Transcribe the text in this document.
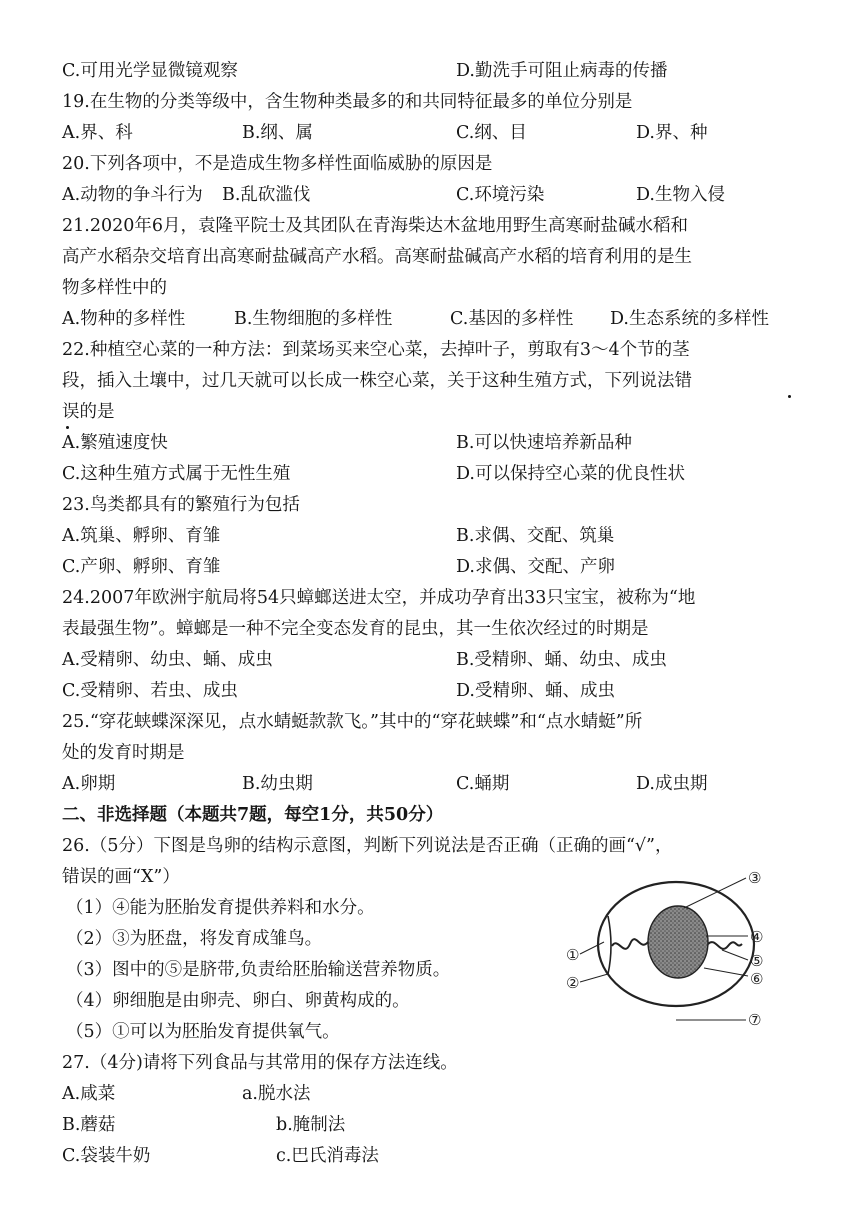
C.可用光学显微镜观察	D.勤洗手可阻止病毒的传播
19.在生物的分类等级中，含生物种类最多的和共同特征最多的单位分别是
A.界、科	B.纲、属	C.纲、目	D.界、种
20.下列各项中，不是造成生物多样性面临威胁的原因是
A.动物的争斗行为 B.乱砍滥伐	C.环境污染	D.生物入侵
21.2020年6月，袁隆平院士及其团队在青海柴达木盆地用野生高寒耐盐碱水稻和
高产水稻杂交培育出高寒耐盐碱高产水稻。高寒耐盐碱高产水稻的培育利用的是生
物多样性中的
A.物种的多样性	B.生物细胞的多样性	C.基因的多样性 D.生态系统的多样性
22.种植空心菜的一种方法：到菜场买来空心菜，去掉叶子，剪取有3～4个节的茎
段，插入土壤中，过几天就可以长成一株空心菜，关于这种生殖方式，下列说法错
误的是
A.繁殖速度快	B.可以快速培养新品种
C.这种生殖方式属于无性生殖	D.可以保持空心菜的优良性状
23.鸟类都具有的繁殖行为包括
A.筑巢、孵卵、育雏	B.求偶、交配、筑巢
C.产卵、孵卵、育雏	D.求偶、交配、产卵
24.2007年欧洲宇航局将54只蟑螂送进太空，并成功孕育出33只宝宝，被称为“地
表最强生物”。蟑螂是一种不完全变态发育的昆虫，其一生依次经过的时期是
A.受精卵、幼虫、蛹、成虫	B.受精卵、蛹、幼虫、成虫
C.受精卵、若虫、成虫	D.受精卵、蛹、成虫
25.“穿花蛱蝶深深见，点水蜻蜓款款飞。”其中的“穿花蛱蝶”和“点水蜻蜓”所
处的发育时期是
A.卵期	B.幼虫期	C.蛹期	D.成虫期
二、非选择题（本题共7题，每空1分，共50分）
26.（5分）下图是鸟卵的结构示意图，判断下列说法是否正确（正确的画“√”，
错误的画“X”）
（1）④能为胚胎发育提供养料和水分。
（2）③为胚盘，将发育成雏鸟。
（3）图中的⑤是脐带,负责给胚胎输送营养物质。
（4）卵细胞是由卵壳、卵白、卵黄构成的。
（5）①可以为胚胎发育提供氧气。
③
④
⑤
⑥
①
②
⑦
27.（4分)请将下列食品与其常用的保存方法连线。
A.咸菜	a.脱水法
B.蘑菇	b.腌制法
C.袋装牛奶	c.巴氏消毒法
